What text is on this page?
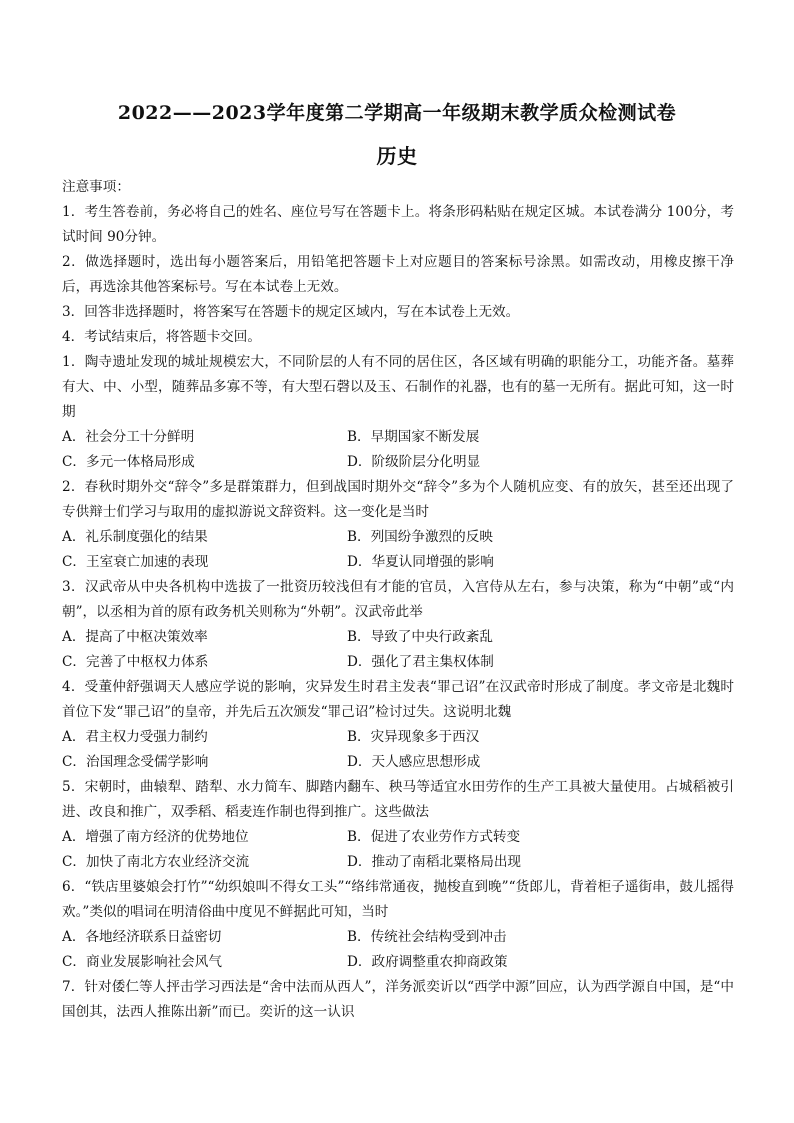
2022——2023学年度第二学期高一年级期末教学质众检测试卷
历史

注意事项：

1．考生答卷前，务必将自己的姓名、座位号写在答题卡上。将条形码粘贴在规定区城。本试卷满分 100分，考试时间 90分钟。

2．做选择题时，选出每小题答案后，用铅笔把答题卡上对应题目的答案标号涂黑。如需改动，用橡皮擦干净后，再选涂其他答案标号。写在本试卷上无效。

3．回答非选择题时，将答案写在答题卡的规定区域内，写在本试卷上无效。

4．考试结束后，将答题卡交回。

1．陶寺遗址发现的城址规模宏大，不同阶层的人有不同的居住区，各区域有明确的职能分工，功能齐备。墓葬有大、中、小型，随葬品多寡不等，有大型石磬以及玉、石制作的礼器，也有的墓一无所有。据此可知，这一时期

A．社会分工十分鲜明	B．早期国家不断发展
C．多元一体格局形成	D．阶级阶层分化明显

2．春秋时期外交“辞令”多是群策群力，但到战国时期外交“辞令”多为个人随机应变、有的放矢，甚至还出现了专供辩士们学习与取用的虚拟游说文辞资料。这一变化是当时

A．礼乐制度强化的结果	B．列国纷争激烈的反映
C．王室衰亡加速的表现	D．华夏认同增强的影响

3．汉武帝从中央各机构中选拔了一批资历较浅但有才能的官员，入宫侍从左右，参与决策，称为“中朝”或“内朝”，以丞相为首的原有政务机关则称为“外朝”。汉武帝此举

A．提高了中枢决策效率	B．导致了中央行政紊乱
C．完善了中枢权力体系	D．强化了君主集权体制

4．受董仲舒强调天人感应学说的影响，灾异发生时君主发表“罪己诏”在汉武帝时形成了制度。孝文帝是北魏时首位下发“罪己诏”的皇帝，并先后五次颁发“罪己诏”检讨过失。这说明北魏

A．君主权力受强力制约	B．灾异现象多于西汉
C．治国理念受儒学影响	D．天人感应思想形成

5．宋朝时，曲辕犁、踏犁、水力简车、脚踏内翻车、秧马等适宜水田劳作的生产工具被大量使用。占城稻被引进、改良和推广，双季稻、稻麦连作制也得到推广。这些做法

A．增强了南方经济的优势地位	B．促进了农业劳作方式转变
C．加快了南北方农业经济交流	D．推动了南稻北粟格局出现

6．“铁店里婆娘会打竹”“幼织娘叫不得女工头”“络纬常通夜，抛梭直到晚”“货郎儿，背着柜子遥街串，鼓儿摇得欢。”类似的唱词在明清俗曲中度见不鲜据此可知，当时

A．各地经济联系日益密切	B．传统社会结构受到冲击
C．商业发展影响社会风气	D．政府调整重农抑商政策

7．针对倭仁等人抨击学习西法是“舍中法而从西人”，洋务派奕䜣以“西学中源”回应，认为西学源自中国，是“中国创其，法西人推陈出新”而已。奕䜣的这一认识
